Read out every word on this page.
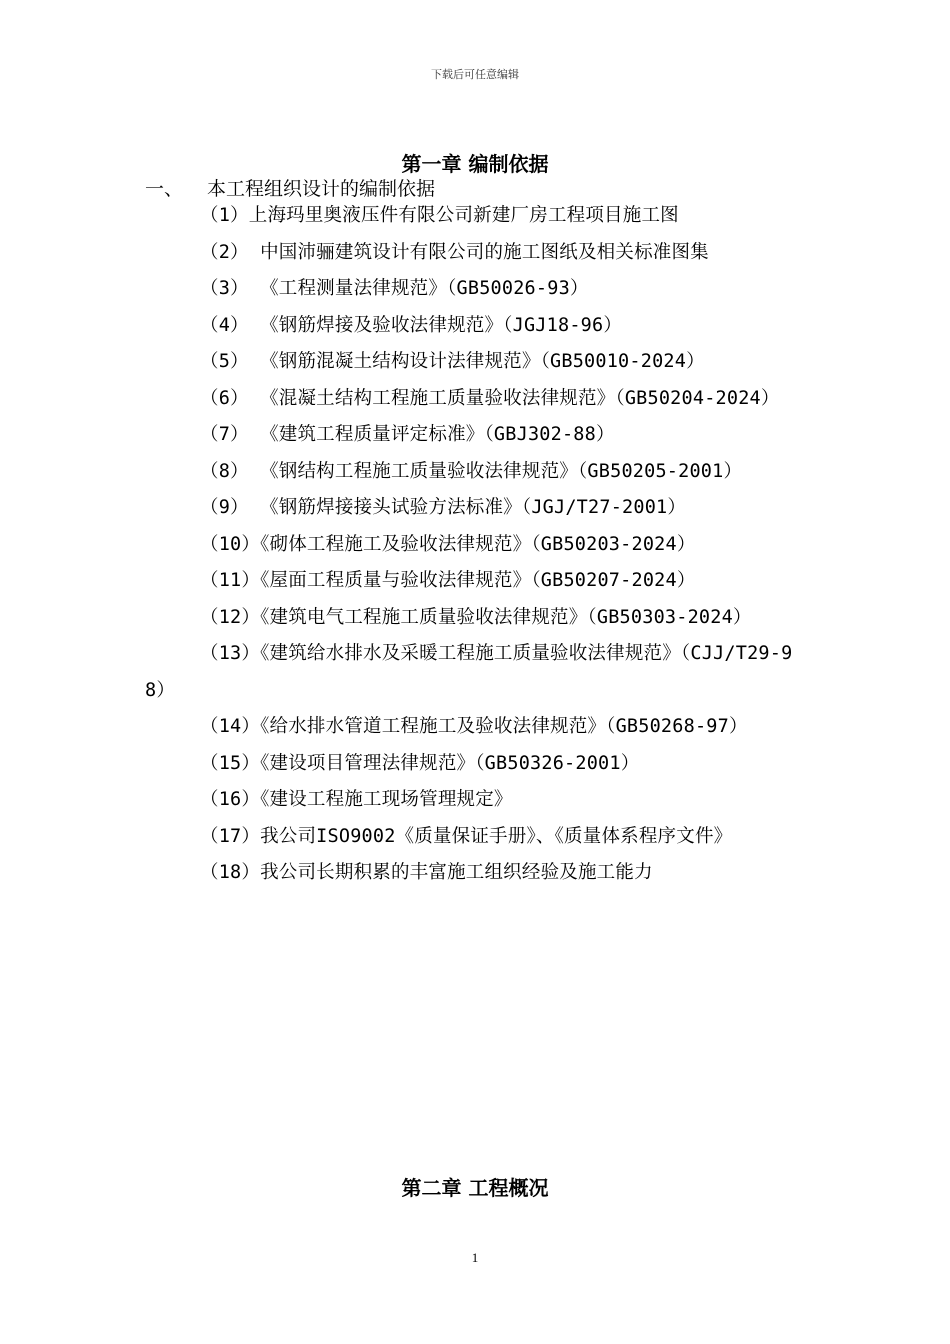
下载后可任意编辑
第一章 编制依据
一、 本工程组织设计的编制依据
（1）上海玛里奥液压件有限公司新建厂房工程项目施工图
（2） 中国沛骊建筑设计有限公司的施工图纸及相关标准图集
（3） 《工程测量法律规范》（GB50026-93）
（4） 《钢筋焊接及验收法律规范》（JGJ18-96）
（5） 《钢筋混凝土结构设计法律规范》（GB50010-2024）
（6） 《混凝土结构工程施工质量验收法律规范》（GB50204-2024）
（7） 《建筑工程质量评定标准》（GBJ302-88）
（8） 《钢结构工程施工质量验收法律规范》（GB50205-2001）
（9） 《钢筋焊接接头试验方法标准》（JGJ/T27-2001）
（10）《砌体工程施工及验收法律规范》（GB50203-2024）
（11）《屋面工程质量与验收法律规范》（GB50207-2024）
（12）《建筑电气工程施工质量验收法律规范》（GB50303-2024）
（13）《建筑给水排水及采暖工程施工质量验收法律规范》（CJJ/T29-98）
（14）《给水排水管道工程施工及验收法律规范》（GB50268-97）
（15）《建设项目管理法律规范》（GB50326-2001）
（16）《建设工程施工现场管理规定》
（17）我公司ISO9002《质量保证手册》、《质量体系程序文件》
（18）我公司长期积累的丰富施工组织经验及施工能力
第二章 工程概况
1
